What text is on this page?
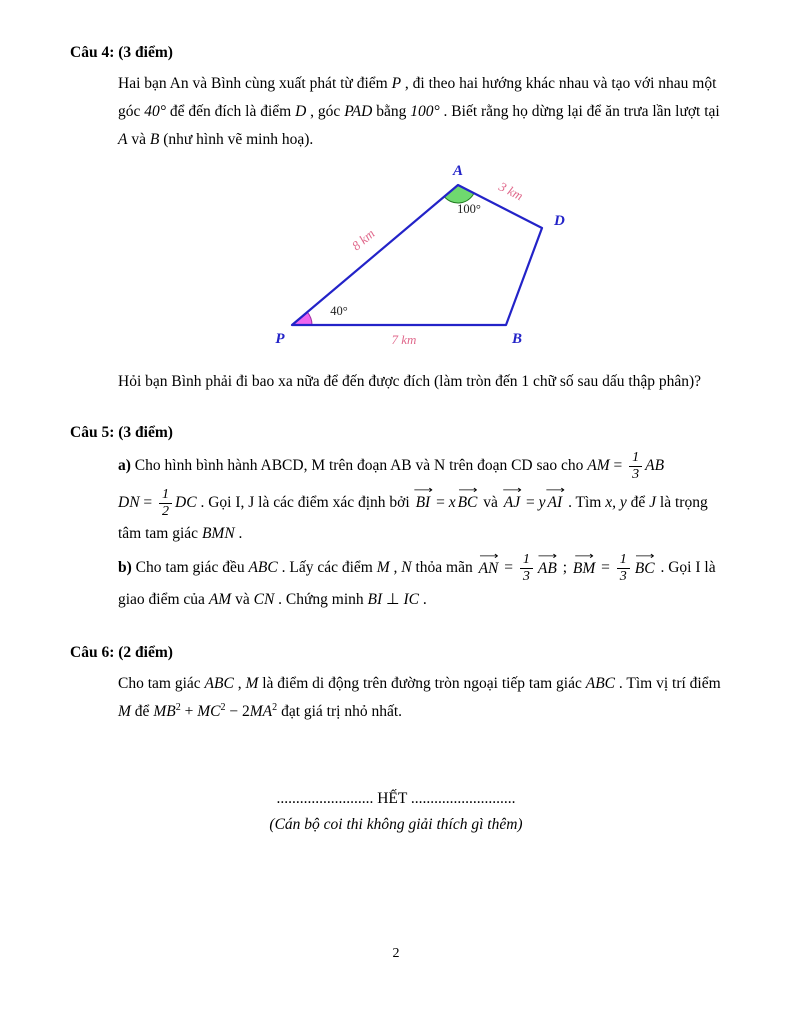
Câu 4: (3 điểm)

Hai bạn An và Bình cùng xuất phát từ điểm P , đi theo hai hướng khác nhau và tạo với nhau một góc 40° để đến đích là điểm D , góc PAD bằng 100° . Biết rằng họ dừng lại để ăn trưa lần lượt tại A và B (như hình vẽ minh hoạ).

A
D
B
P
3 km
8 km
7 km
100°
40°

Hỏi bạn Bình phải đi bao xa nữa để đến được đích (làm tròn đến 1 chữ số sau dấu thập phân)?

Câu 5: (3 điểm)

a) Cho hình bình hành ABCD, M trên đoạn AB và N trên đoạn CD sao cho AM = $\frac{1}{3}$ AB

DN = $\frac{1}{2}$ DC . Gọi I, J là các điểm xác định bởi
⟶
BI = x
⟶
BC và
⟶
AJ = y
⟶
AI . Tìm x, y để J là trọng tâm tam giác BMN .

b) Cho tam giác đều ABC . Lấy các điểm M , N thỏa mãn
⟶
AN = $\frac{1}{3}$ ⟶
AB ;
⟶
BM = $\frac{1}{3}$ ⟶
BC . Gọi I là giao điểm của AM và CN . Chứng minh BI ⊥ IC .

Câu 6: (2 điểm)

Cho tam giác ABC , M là điểm di động trên đường tròn ngoại tiếp tam giác ABC . Tìm vị trí điểm M để $MB^2 + MC^2 - 2MA^2$ đạt giá trị nhỏ nhất.

......................... HẾT ...........................
(Cán bộ coi thi không giải thích gì thêm)
2
